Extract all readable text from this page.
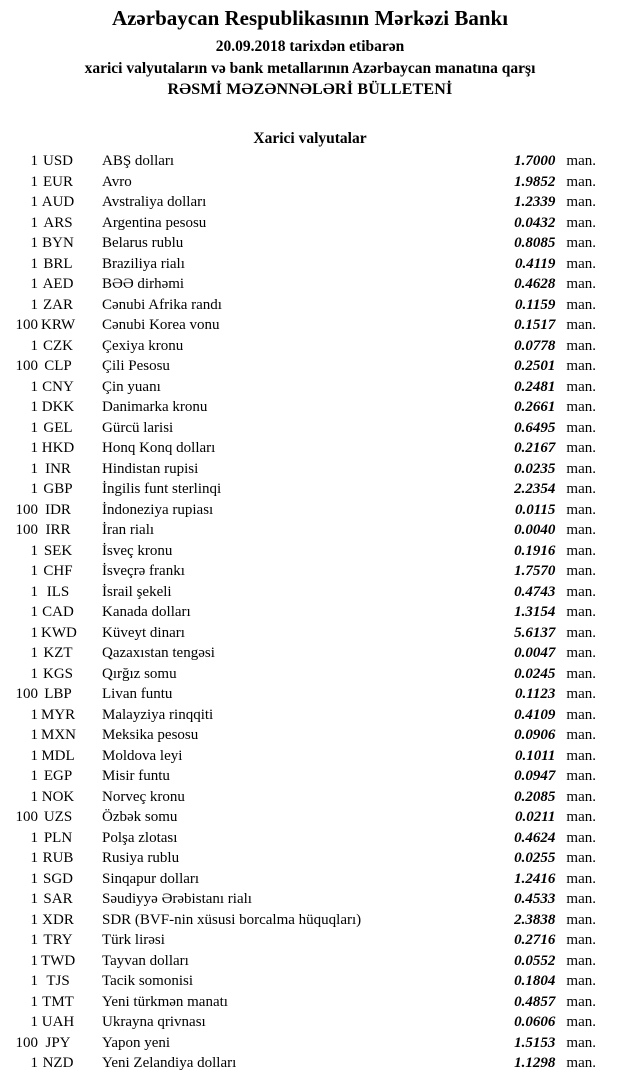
Azərbaycan Respublikasının Mərkəzi Bankı
20.09.2018 tarixdən etibarən
xarici valyutaların və bank metallarının Azərbaycan manatına qarşı
RƏSMİ MƏZƏNNƏLƏRİ BÜLLETENİ
Xarici valyutalar
1 USD ABŞ dolları	1.7000 man.
1 EUR Avro	1.9852 man.
1 AUD Avstraliya dolları	1.2339 man.
1 ARS Argentina pesosu	0.0432 man.
1 BYN Belarus rublu	0.8085 man.
1 BRL Braziliya rialı	0.4119 man.
1 AED BƏƏ dirhəmi	0.4628 man.
1 ZAR Cənubi Afrika randı	0.1159 man.
100 KRW Cənubi Korea vonu	0.1517 man.
1 CZK Çexiya kronu	0.0778 man.
100 CLP Çili Pesosu	0.2501 man.
1 CNY Çin yuanı	0.2481 man.
1 DKK Danimarka kronu	0.2661 man.
1 GEL Gürcü larisi	0.6495 man.
1 HKD Honq Konq dolları	0.2167 man.
1 INR Hindistan rupisi	0.0235 man.
1 GBP İngilis funt sterlinqi	2.2354 man.
100 IDR İndoneziya rupiası	0.0115 man.
100 IRR	İran rialı	0.0040 man.
1 SEK İsveç kronu	0.1916 man.
1 CHF İsveçrə frankı	1.7570 man.
1 ILS	İsrail şekeli	0.4743 man.
1 CAD Kanada dolları	1.3154 man.
1 KWD Küveyt dinarı	5.6137 man.
1 KZT Qazaxıstan tengəsi	0.0047 man.
1 KGS Qırğız somu	0.0245 man.
100 LBP Livan funtu	0.1123 man.
1 MYR Malayziya rinqqiti	0.4109 man.
1 MXN Meksika pesosu	0.0906 man.
1 MDL Moldova leyi	0.1011 man.
1 EGP Misir funtu	0.0947 man.
1 NOK Norveç kronu	0.2085 man.
100 UZS Özbək somu	0.0211 man.
1 PLN Polşa zlotası	0.4624 man.
1 RUB Rusiya rublu	0.0255 man.
1 SGD Sinqapur dolları	1.2416 man.
1 SAR Səudiyyə Ərəbistanı rialı	0.4533 man.
1 XDR SDR (BVF-nin xüsusi borcalma hüquqları)	2.3838 man.
1 TRY Türk lirəsi	0.2716 man.
1 TWD Tayvan dolları	0.0552 man.
1 TJS	Tacik somonisi	0.1804 man.
1 TMT Yeni türkmən manatı	0.4857 man.
1 UAH Ukrayna qrivnası	0.0606 man.
100 JPY	Yapon yeni	1.5153 man.
1 NZD Yeni Zelandiya dolları	1.1298 man.
